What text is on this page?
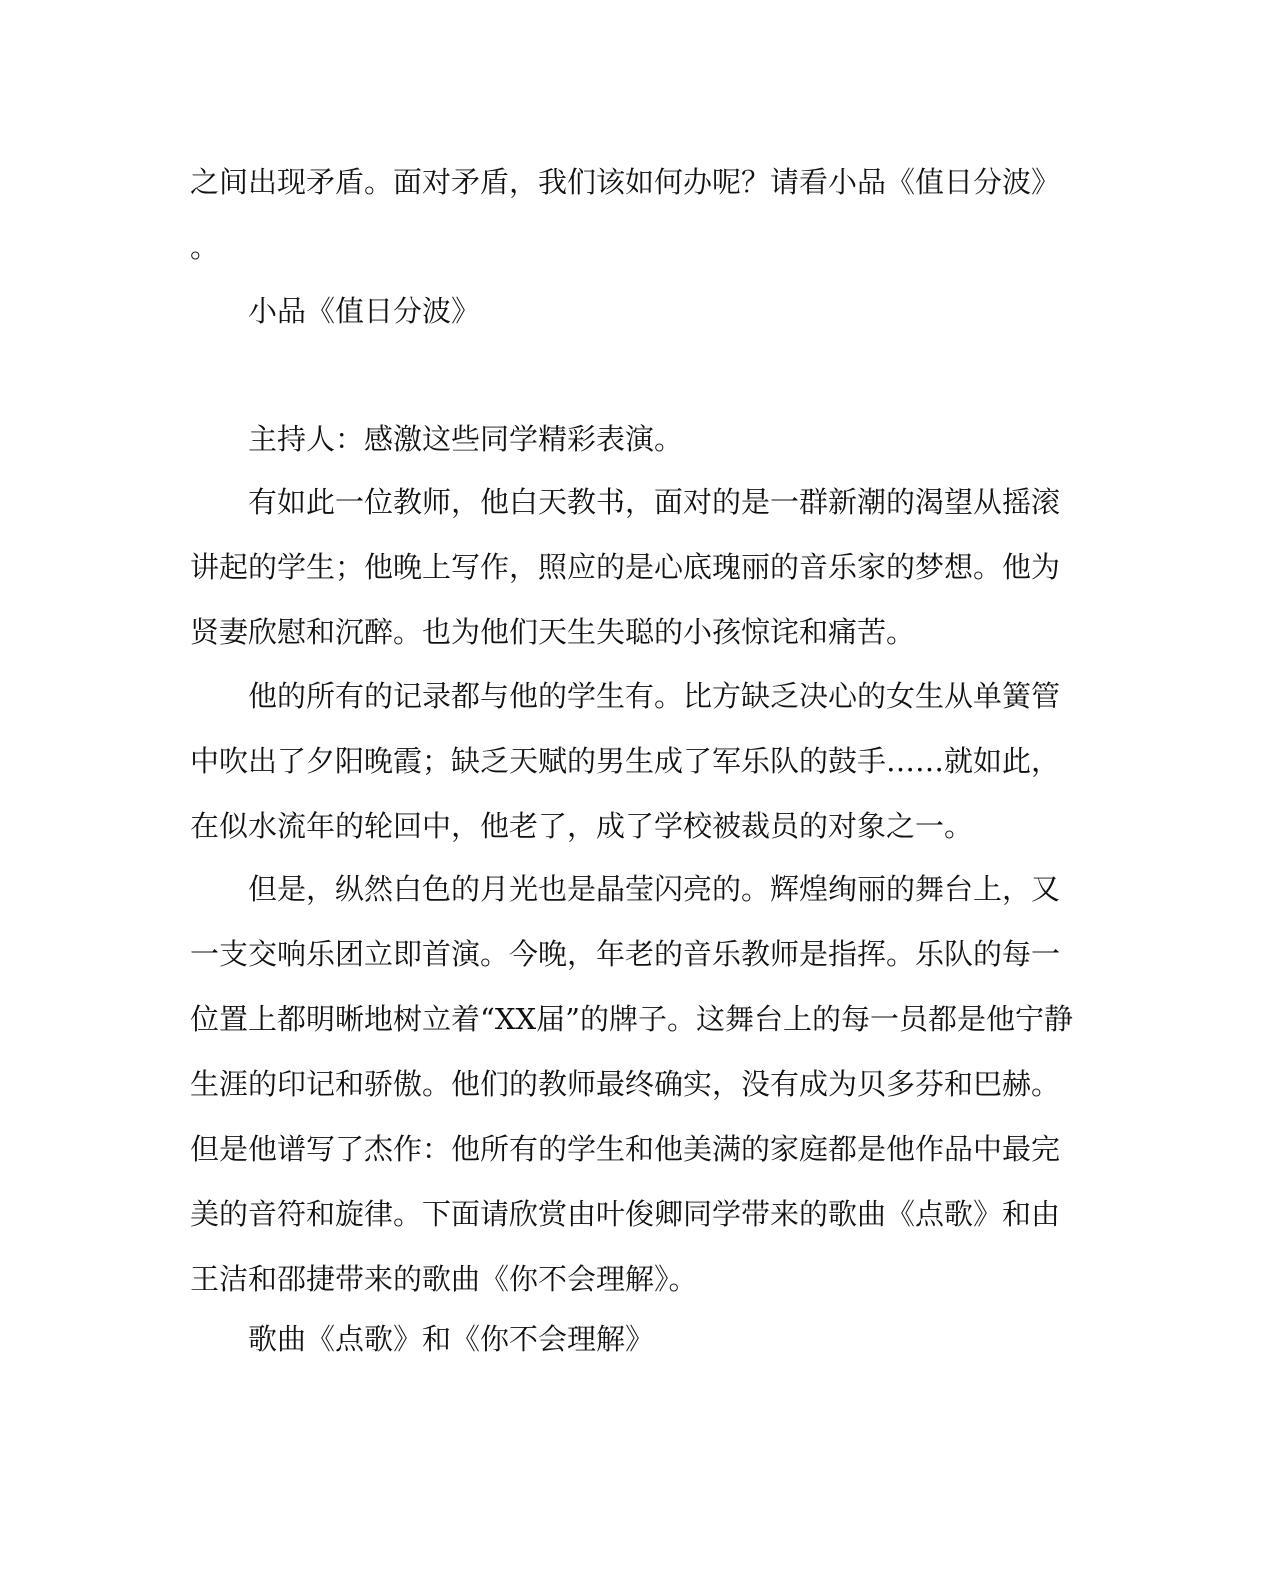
之间出现矛盾。面对矛盾，我们该如何办呢？请看小品《值日分波》
。
小品《值日分波》
主持人：感激这些同学精彩表演。
有如此一位教师，他白天教书，面对的是一群新潮的渴望从摇滚
讲起的学生；他晚上写作，照应的是心底瑰丽的音乐家的梦想。他为
贤妻欣慰和沉醉。也为他们天生失聪的小孩惊诧和痛苦。
他的所有的记录都与他的学生有。比方缺乏决心的女生从单簧管
中吹出了夕阳晚霞；缺乏天赋的男生成了军乐队的鼓手……就如此，
在似水流年的轮回中，他老了，成了学校被裁员的对象之一。
但是，纵然白色的月光也是晶莹闪亮的。辉煌绚丽的舞台上，又
一支交响乐团立即首演。今晚，年老的音乐教师是指挥。乐队的每一
位置上都明晰地树立着“XX届”的牌子。这舞台上的每一员都是他宁静
生涯的印记和骄傲。他们的教师最终确实，没有成为贝多芬和巴赫。
但是他谱写了杰作：他所有的学生和他美满的家庭都是他作品中最完
美的音符和旋律。下面请欣赏由叶俊卿同学带来的歌曲《点歌》和由
王洁和邵捷带来的歌曲《你不会理解》。
歌曲《点歌》和《你不会理解》
